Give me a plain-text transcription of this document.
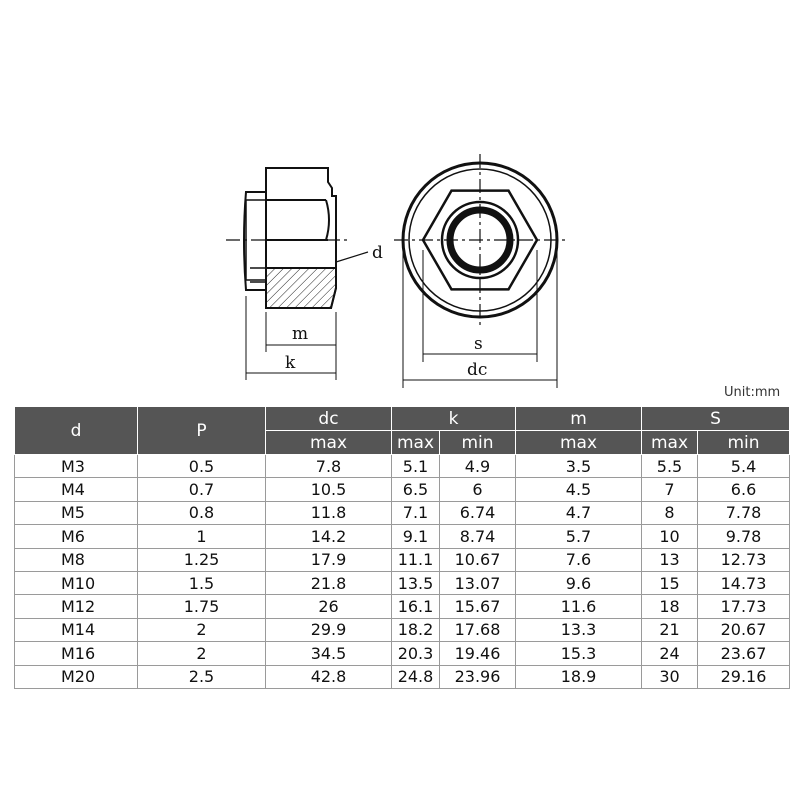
d
m
k
s
dc
Unit:mm
d	P	dc	k		m	S	
		max	max	min	max	max	min
M3	0.5	7.8	5.1	4.9	3.5	5.5	5.4
M4	0.7	10.5	6.5	6	4.5	7	6.6
M5	0.8	11.8	7.1	6.74	4.7	8	7.78
M6	1	14.2	9.1	8.74	5.7	10	9.78
M8	1.25	17.9	11.1	10.67	7.6	13	12.73
M10	1.5	21.8	13.5	13.07	9.6	15	14.73
M12	1.75	26	16.1	15.67	11.6	18	17.73
M14	2	29.9	18.2	17.68	13.3	21	20.67
M16	2	34.5	20.3	19.46	15.3	24	23.67
M20	2.5	42.8	24.8	23.96	18.9	30	29.16
